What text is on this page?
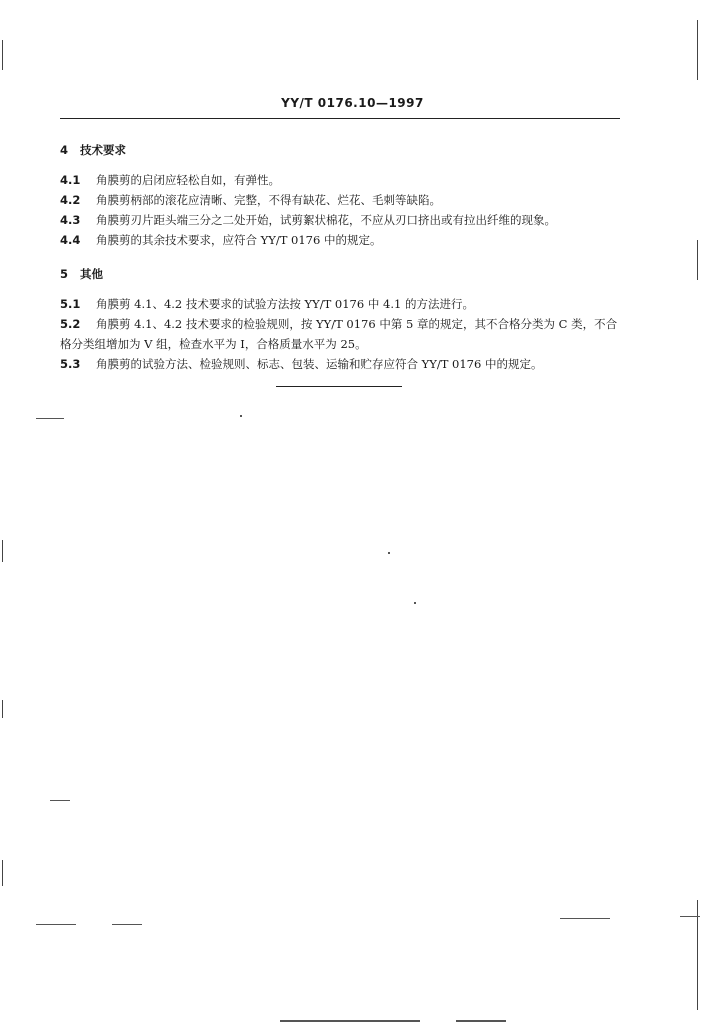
YY/T 0176.10—1997
4 技术要求

4.1 角膜剪的启闭应轻松自如，有弹性。

4.2 角膜剪柄部的滚花应清晰、完整，不得有缺花、烂花、毛刺等缺陷。

4.3 角膜剪刃片距头端三分之二处开始，试剪絮状棉花，不应从刃口挤出或有拉出纤维的现象。

4.4 角膜剪的其余技术要求，应符合 YY/T 0176 中的规定。

5 其他

5.1 角膜剪 4.1、4.2 技术要求的试验方法按 YY/T 0176 中 4.1 的方法进行。

5.2 角膜剪 4.1、4.2 技术要求的检验规则，按 YY/T 0176 中第 5 章的规定，其不合格分类为 C 类，不合格分类组增加为 V 组，检查水平为 I，合格质量水平为 25。

5.3 角膜剪的试验方法、检验规则、标志、包装、运输和贮存应符合 YY/T 0176 中的规定。
